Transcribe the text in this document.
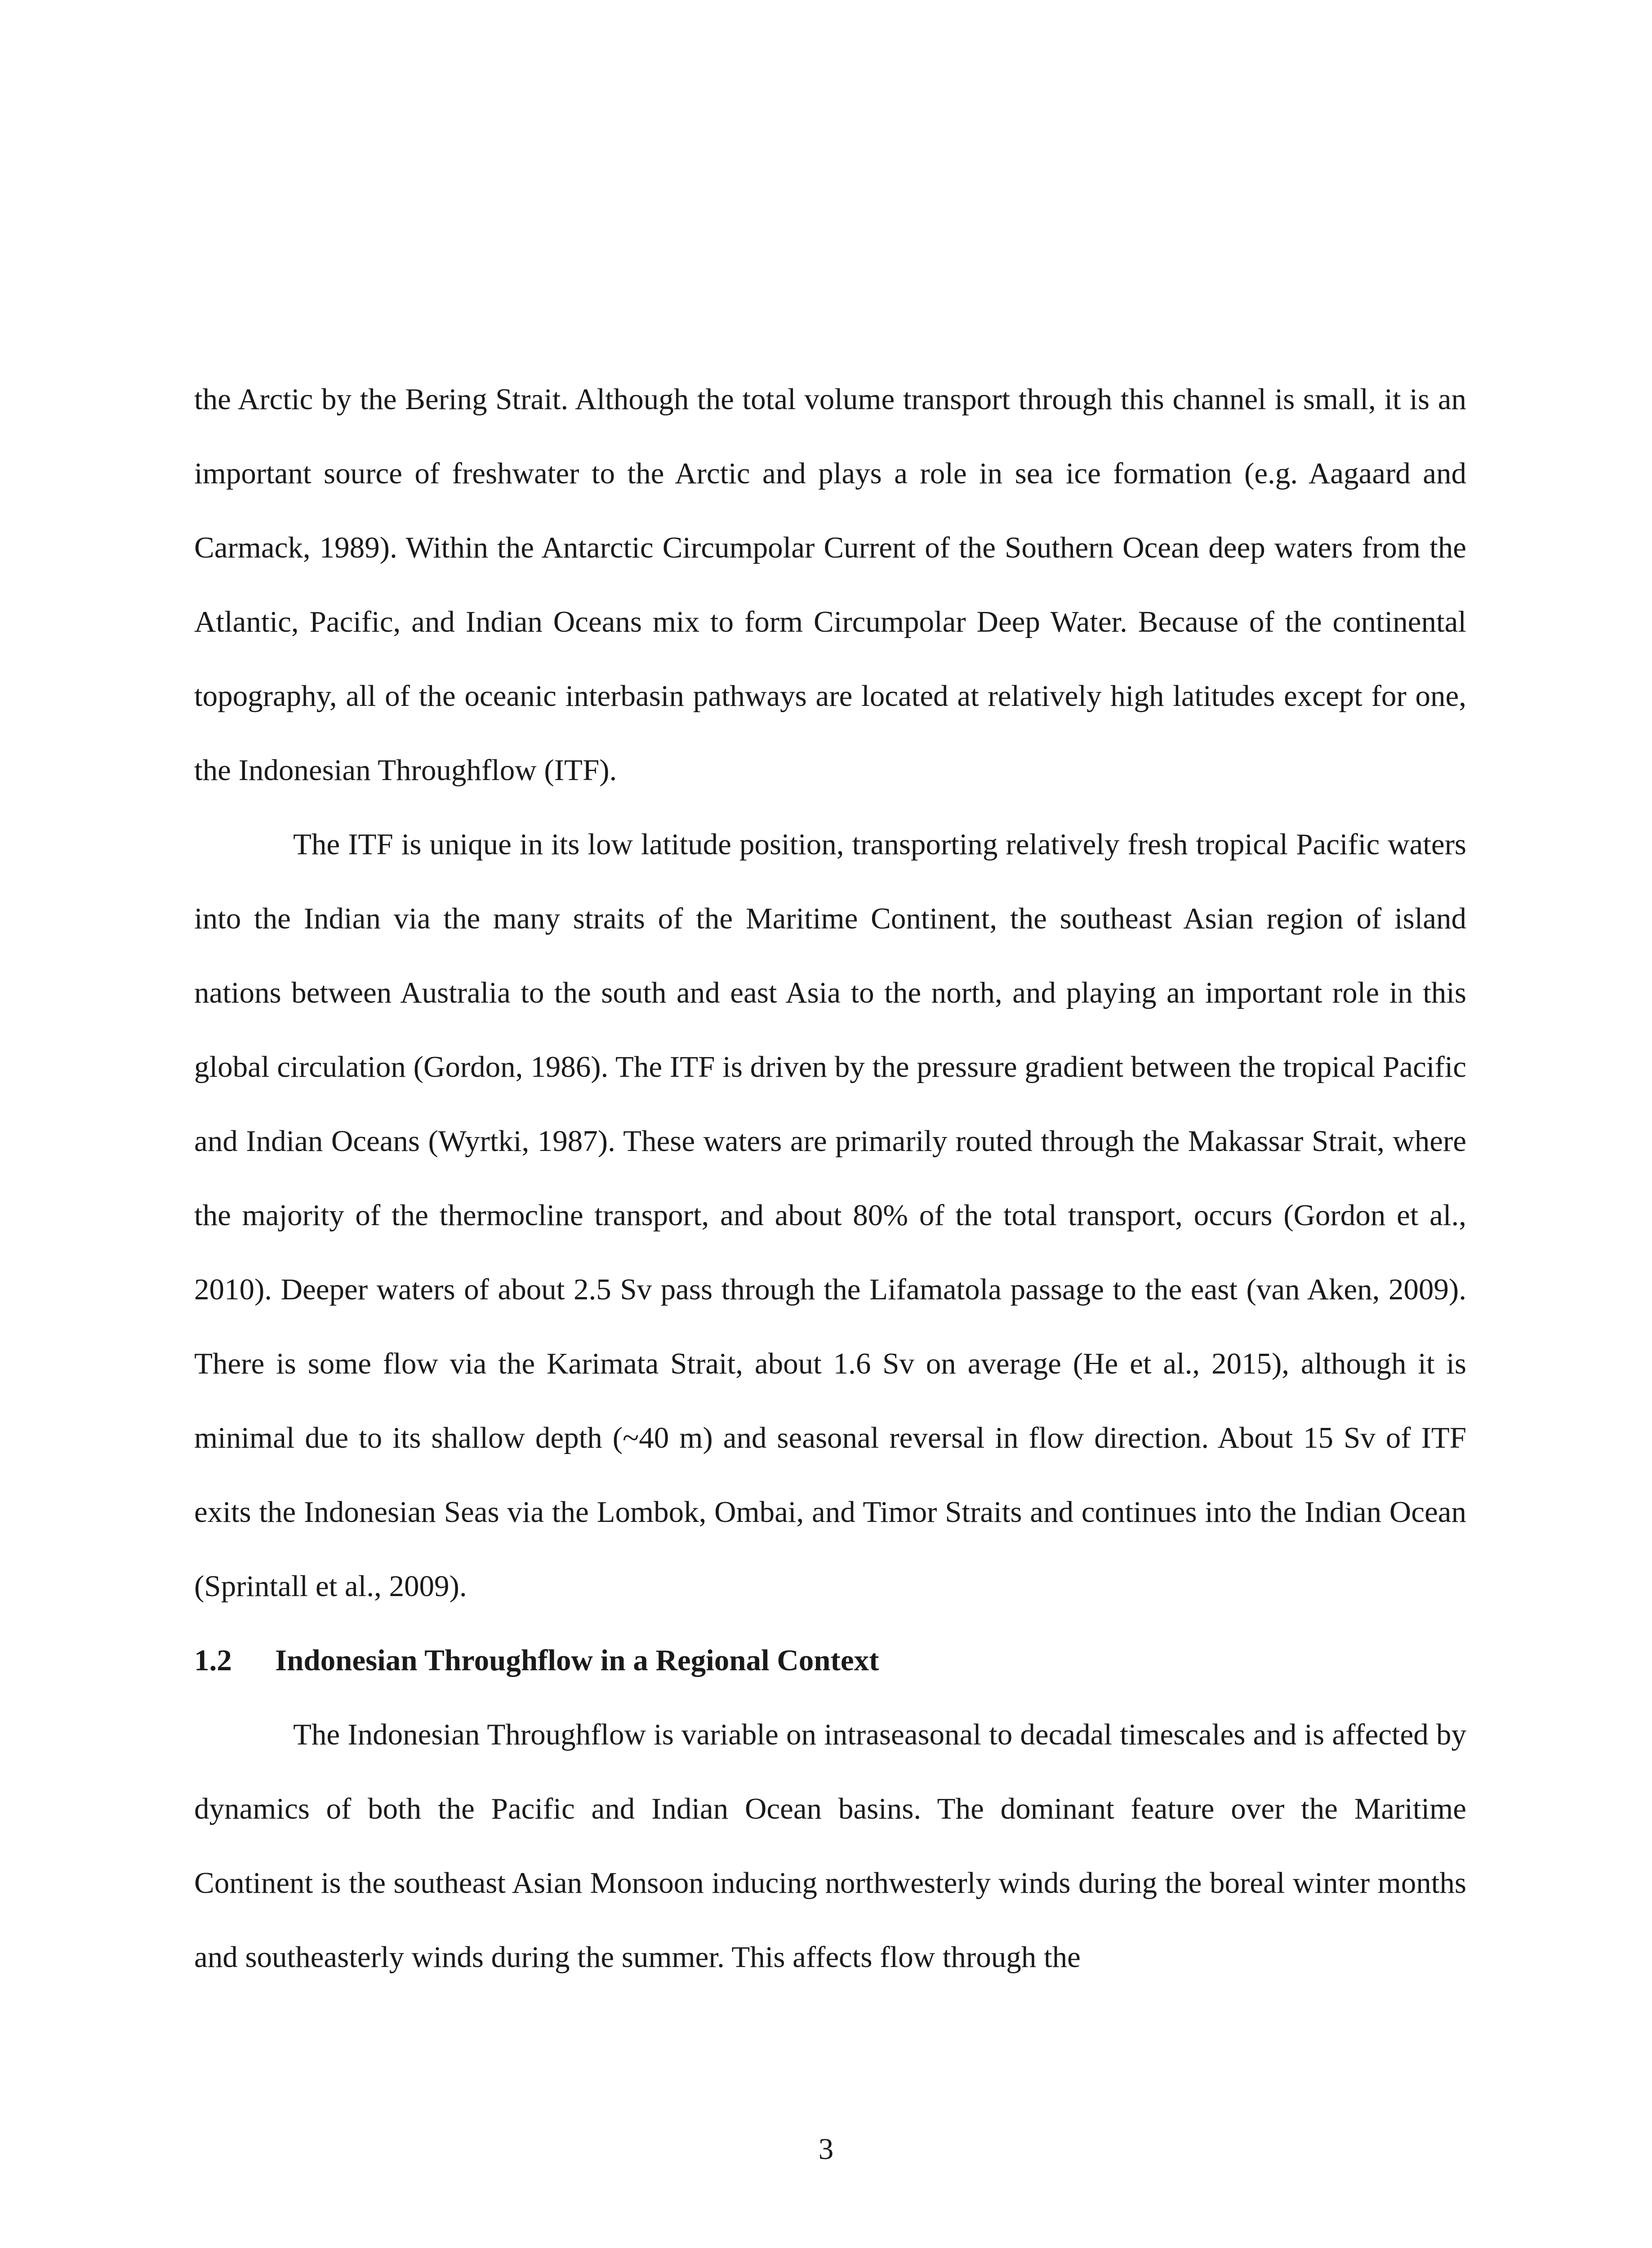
the Arctic by the Bering Strait. Although the total volume transport through this channel is small, it is an important source of freshwater to the Arctic and plays a role in sea ice formation (e.g. Aagaard and Carmack, 1989). Within the Antarctic Circumpolar Current of the Southern Ocean deep waters from the Atlantic, Pacific, and Indian Oceans mix to form Circumpolar Deep Water. Because of the continental topography, all of the oceanic interbasin pathways are located at relatively high latitudes except for one, the Indonesian Throughflow (ITF).

The ITF is unique in its low latitude position, transporting relatively fresh tropical Pacific waters into the Indian via the many straits of the Maritime Continent, the southeast Asian region of island nations between Australia to the south and east Asia to the north, and playing an important role in this global circulation (Gordon, 1986). The ITF is driven by the pressure gradient between the tropical Pacific and Indian Oceans (Wyrtki, 1987). These waters are primarily routed through the Makassar Strait, where the majority of the thermocline transport, and about 80% of the total transport, occurs (Gordon et al., 2010). Deeper waters of about 2.5 Sv pass through the Lifamatola passage to the east (van Aken, 2009). There is some flow via the Karimata Strait, about 1.6 Sv on average (He et al., 2015), although it is minimal due to its shallow depth (~40 m) and seasonal reversal in flow direction. About 15 Sv of ITF exits the Indonesian Seas via the Lombok, Ombai, and Timor Straits and continues into the Indian Ocean (Sprintall et al., 2009).

1.2 Indonesian Throughflow in a Regional Context

The Indonesian Throughflow is variable on intraseasonal to decadal timescales and is affected by dynamics of both the Pacific and Indian Ocean basins. The dominant feature over the Maritime Continent is the southeast Asian Monsoon inducing northwesterly winds during the boreal winter months and southeasterly winds during the summer. This affects flow through the

3
